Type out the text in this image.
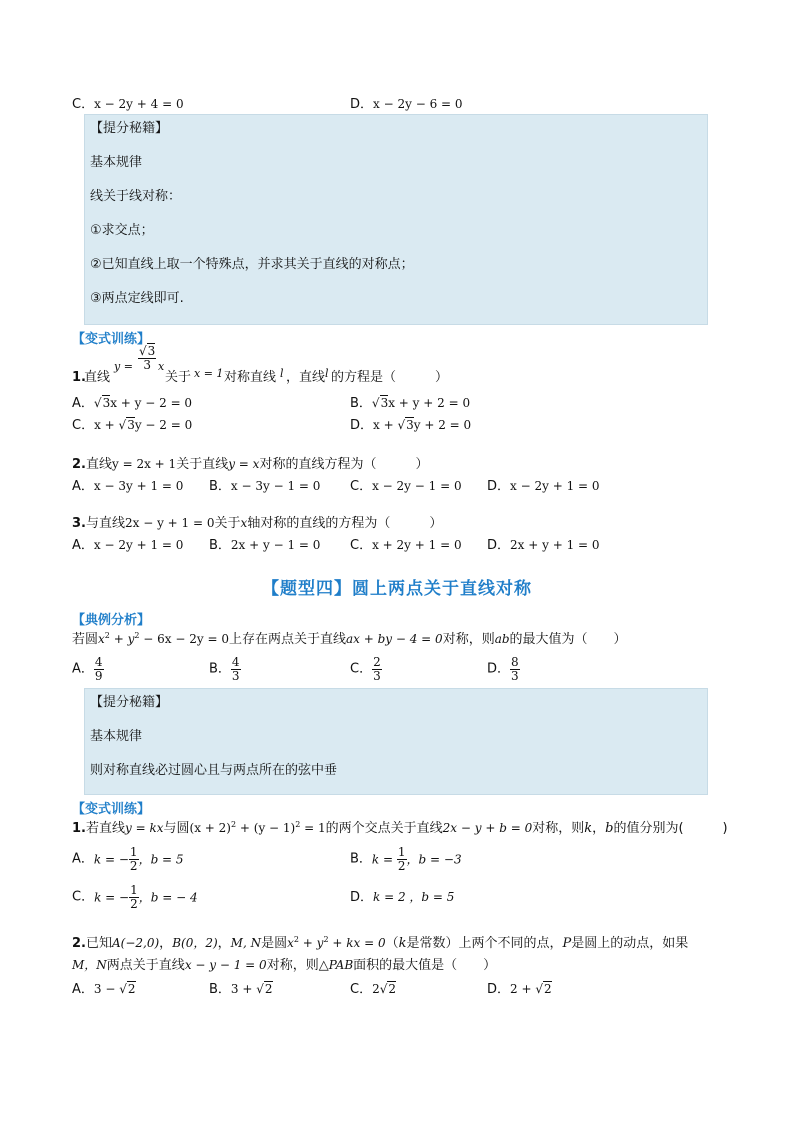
C．x − 2y + 4 = 0	D．x − 2y − 6 = 0
【提分秘籍】
基本规律
线关于线对称：
①求交点；
②已知直线上取一个特殊点，并求其关于直线的对称点；
③两点定线即可.
【变式训练】
1.
直线
$y = \frac{√3}{3}$ x
关于 x = 1 对称直线 l ，直线 l 的方程是（　　　）
A．√3x + y − 2 = 0	B．√3x + y + 2 = 0
C．x + √3y − 2 = 0	D．x + √3y + 2 = 0
2.直线y = 2x + 1关于直线y = x对称的直线方程为（　　　）
A．x − 3y + 1 = 0 B．x − 3y − 1 = 0 C．x − 2y − 1 = 0 D．x − 2y + 1 = 0
3.与直线2x − y + 1 = 0关于x轴对称的直线的方程为（　　　）
A．x − 2y + 1 = 0 B．2x + y − 1 = 0 C．x + 2y + 1 = 0 D．2x + y + 1 = 0
【题型四】圆上两点关于直线对称
【典例分析】
若圆$x^2 + y^2 - 6x - 2y = 0$上存在两点关于直线ax + by − 4 = 0对称，则ab的最大值为（　　）
A． $\frac{4}{9}$	B． $\frac{4}{3}$	C． $\frac{2}{3}$	D． $\frac{8}{3}$
【提分秘籍】
基本规律
则对称直线必过圆心且与两点所在的弦中垂
【变式训练】
1.若直线y = kx与圆$(x + 2)^2 + (y - 1)^2 = 1$的两个交点关于直线2x − y + b = 0对称，则k，b的值分别为(　　　)
A．k = − $\frac{1}{2}$ ，b = 5	B．$k = \frac{1}{2}$ ，b = −3
C．k = − $\frac{1}{2}$ ，b = − 4	D．k = 2 ，b = 5
2.已知A(−2,0)，B(0，2)，M, N是圆$x^2 + y^2$ + kx = 0（k是常数）上两个不同的点，P是圆上的动点，如果
M，N两点关于直线x − y − 1 = 0对称，则△PAB面积的最大值是（　　）
A．3 − √2	B．3 + √2	C．2√2	D．2 + √2
